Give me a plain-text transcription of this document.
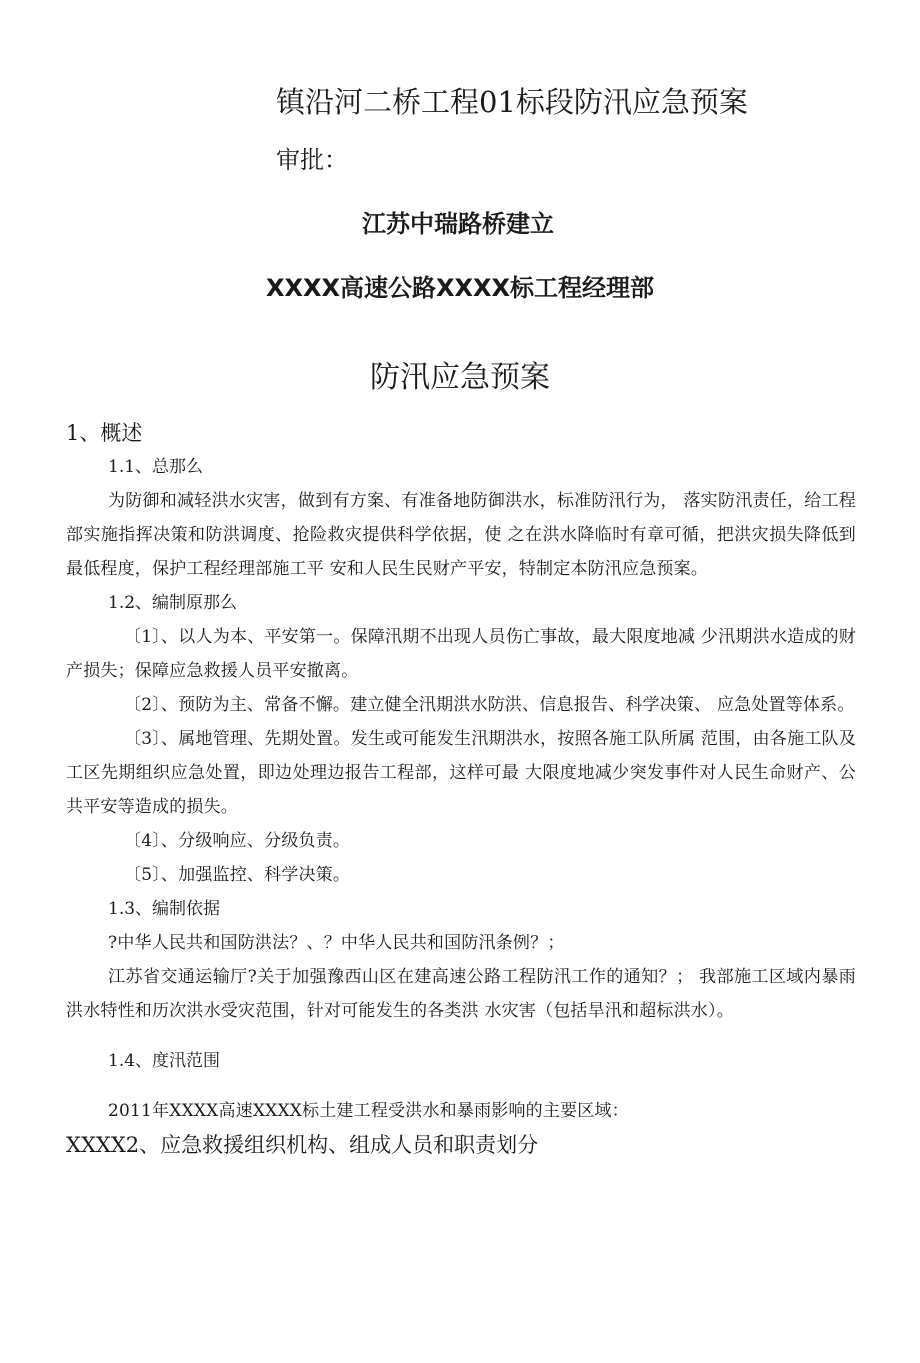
镇沿河二桥工程01标段防汛应急预案
审批：
江苏中瑞路桥建立
XXXX高速公路XXXX标工程经理部
防汛应急预案

1、概述

1.1、总那么

为防御和减轻洪水灾害，做到有方案、有准备地防御洪水，标准防汛行为， 落实防汛责任，给工程部实施指挥决策和防洪调度、抢险救灾提供科学依据，使 之在洪水降临时有章可循，把洪灾损失降低到最低程度，保护工程经理部施工平 安和人民生民财产平安，特制定本防汛应急预案。

1.2、编制原那么

〔1〕、以人为本、平安第一。保障汛期不出现人员伤亡事故，最大限度地减 少汛期洪水造成的财产损失；保障应急救援人员平安撤离。

〔2〕、预防为主、常备不懈。建立健全汛期洪水防洪、信息报告、科学决策、 应急处置等体系。

〔3〕、属地管理、先期处置。发生或可能发生汛期洪水，按照各施工队所属 范围，由各施工队及工区先期组织应急处置，即边处理边报告工程部，这样可最 大限度地减少突发事件对人民生命财产、公共平安等造成的损失。

〔4〕、分级响应、分级负责。

〔5〕、加强监控、科学决策。

1.3、编制依据

?中华人民共和国防洪法？、？中华人民共和国防汛条例？；

江苏省交通运输厅?关于加强豫西山区在建高速公路工程防汛工作的通知？； 我部施工区域内暴雨洪水特性和历次洪水受灾范围，针对可能发生的各类洪 水灾害（包括旱汛和超标洪水）。

1.4、度汛范围

2011年XXXX高速XXXX标土建工程受洪水和暴雨影响的主要区域：

XXXX2、应急救援组织机构、组成人员和职责划分
